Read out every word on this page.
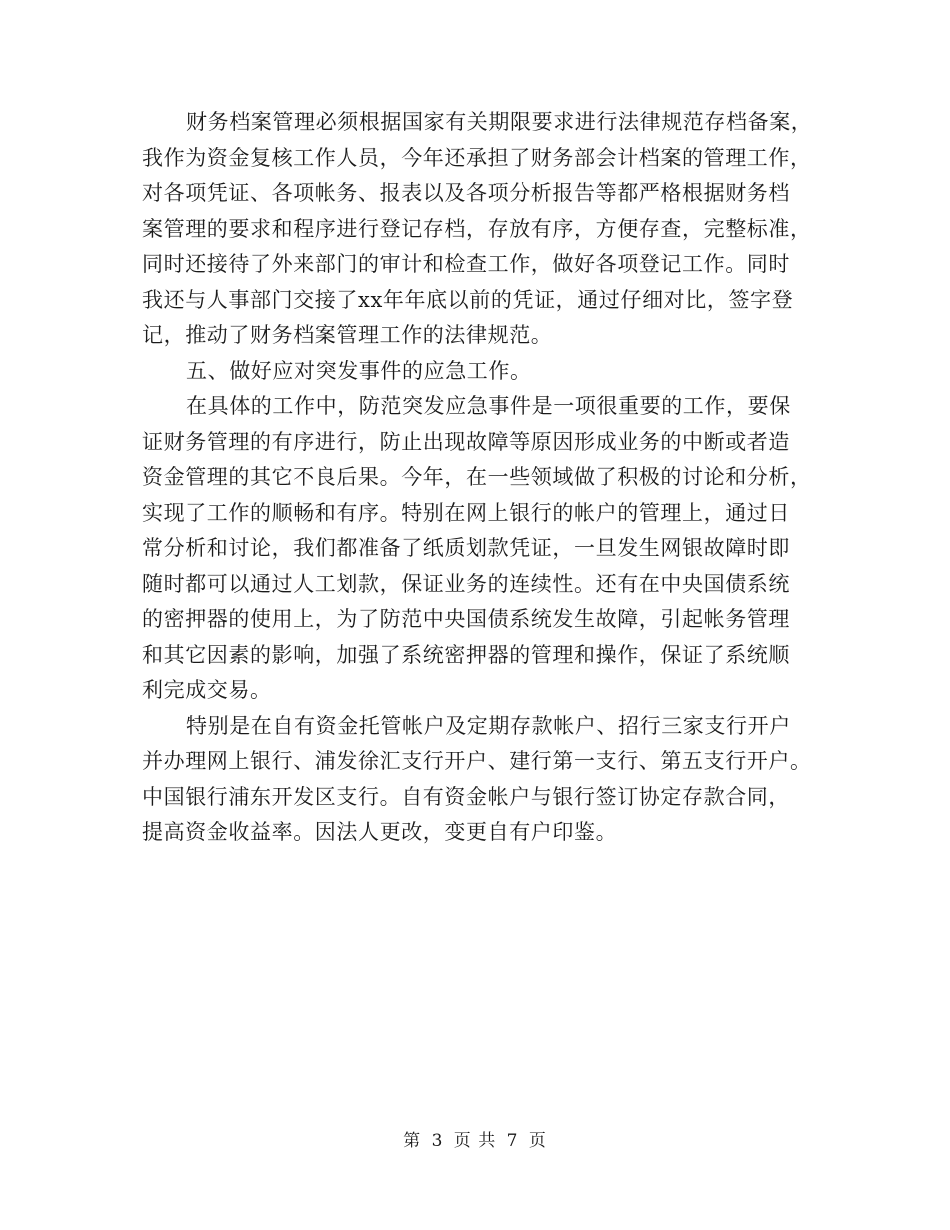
财务档案管理必须根据国家有关期限要求进行法律规范存档备案，
我作为资金复核工作人员，今年还承担了财务部会计档案的管理工作，
对各项凭证、各项帐务、报表以及各项分析报告等都严格根据财务档
案管理的要求和程序进行登记存档，存放有序，方便存查，完整标准，
同时还接待了外来部门的审计和检查工作，做好各项登记工作。同时
我还与人事部门交接了xx年年底以前的凭证，通过仔细对比，签字登
记，推动了财务档案管理工作的法律规范。
五、做好应对突发事件的应急工作。
在具体的工作中，防范突发应急事件是一项很重要的工作，要保
证财务管理的有序进行，防止出现故障等原因形成业务的中断或者造
资金管理的其它不良后果。今年，在一些领域做了积极的讨论和分析，
实现了工作的顺畅和有序。特别在网上银行的帐户的管理上，通过日
常分析和讨论，我们都准备了纸质划款凭证，一旦发生网银故障时即
随时都可以通过人工划款，保证业务的连续性。还有在中央国债系统
的密押器的使用上，为了防范中央国债系统发生故障，引起帐务管理
和其它因素的影响，加强了系统密押器的管理和操作，保证了系统顺
利完成交易。
特别是在自有资金托管帐户及定期存款帐户、招行三家支行开户
并办理网上银行、浦发徐汇支行开户、建行第一支行、第五支行开户。
中国银行浦东开发区支行。自有资金帐户与银行签订协定存款合同，
提高资金收益率。因法人更改，变更自有户印鉴。
第 3 页 共 7 页
